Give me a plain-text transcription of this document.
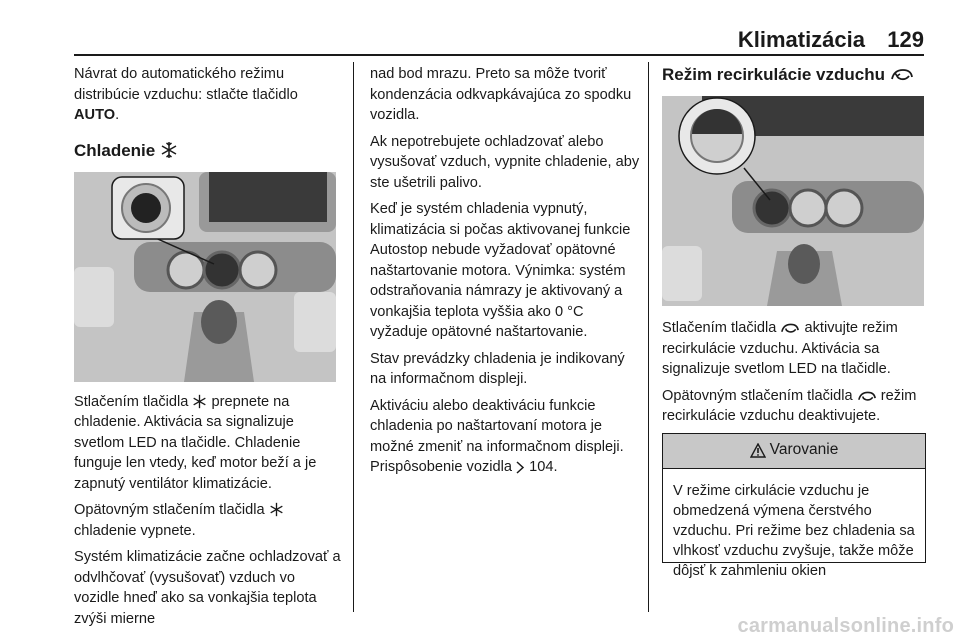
Klimatizácia 129

Návrat do automatického režimu distribúcie vzduchu: stlačte tlačidlo
AUTO.

Chladenie

Stlačením tlačidla prepnete na chladenie. Aktivácia sa signalizuje svetlom LED na tlačidle. Chladenie funguje len vtedy, keď motor beží a je zapnutý ventilátor klimatizácie.

Opätovným stlačením tlačidla  chladenie vypnete.

Systém klimatizácie začne ochladzovať a odvlhčovať (vysušovať) vzduch vo vozidle hneď ako sa vonkajšia teplota zvýši mierne

nad bod mrazu. Preto sa môže tvoriť kondenzácia odkvapkávajúca zo spodku vozidla.

Ak nepotrebujete ochladzovať alebo vysušovať vzduch, vypnite chladenie, aby ste ušetrili palivo.

Keď je systém chladenia vypnutý, klimatizácia si počas aktivovanej funkcie Autostop nebude vyžadovať opätovné naštartovanie motora. Výnimka: systém odstraňovania námrazy je aktivovaný a vonkajšia teplota vyššia ako 0 °C vyžaduje opätovné naštartovanie.

Stav prevádzky chladenia je indikovaný na informačnom displeji.

Aktiváciu alebo deaktiváciu funkcie chladenia po naštartovaní motora je možné zmeniť na informačnom displeji. Prispôsobenie vozidla 104.

Režim recirkulácie vzduchu

Stlačením tlačidla aktivujte režim recirkulácie vzduchu. Aktivácia sa signalizuje svetlom LED na tlačidle.

Opätovným stlačením tlačidla režim recirkulácie vzduchu deaktivujete.

Varovanie
V režime cirkulácie vzduchu je obmedzená výmena čerstvého vzduchu. Pri režime bez chladenia sa vlhkosť vzduchu zvyšuje, takže môže dôjsť k zahmleniu okien
carmanualsonline.info
